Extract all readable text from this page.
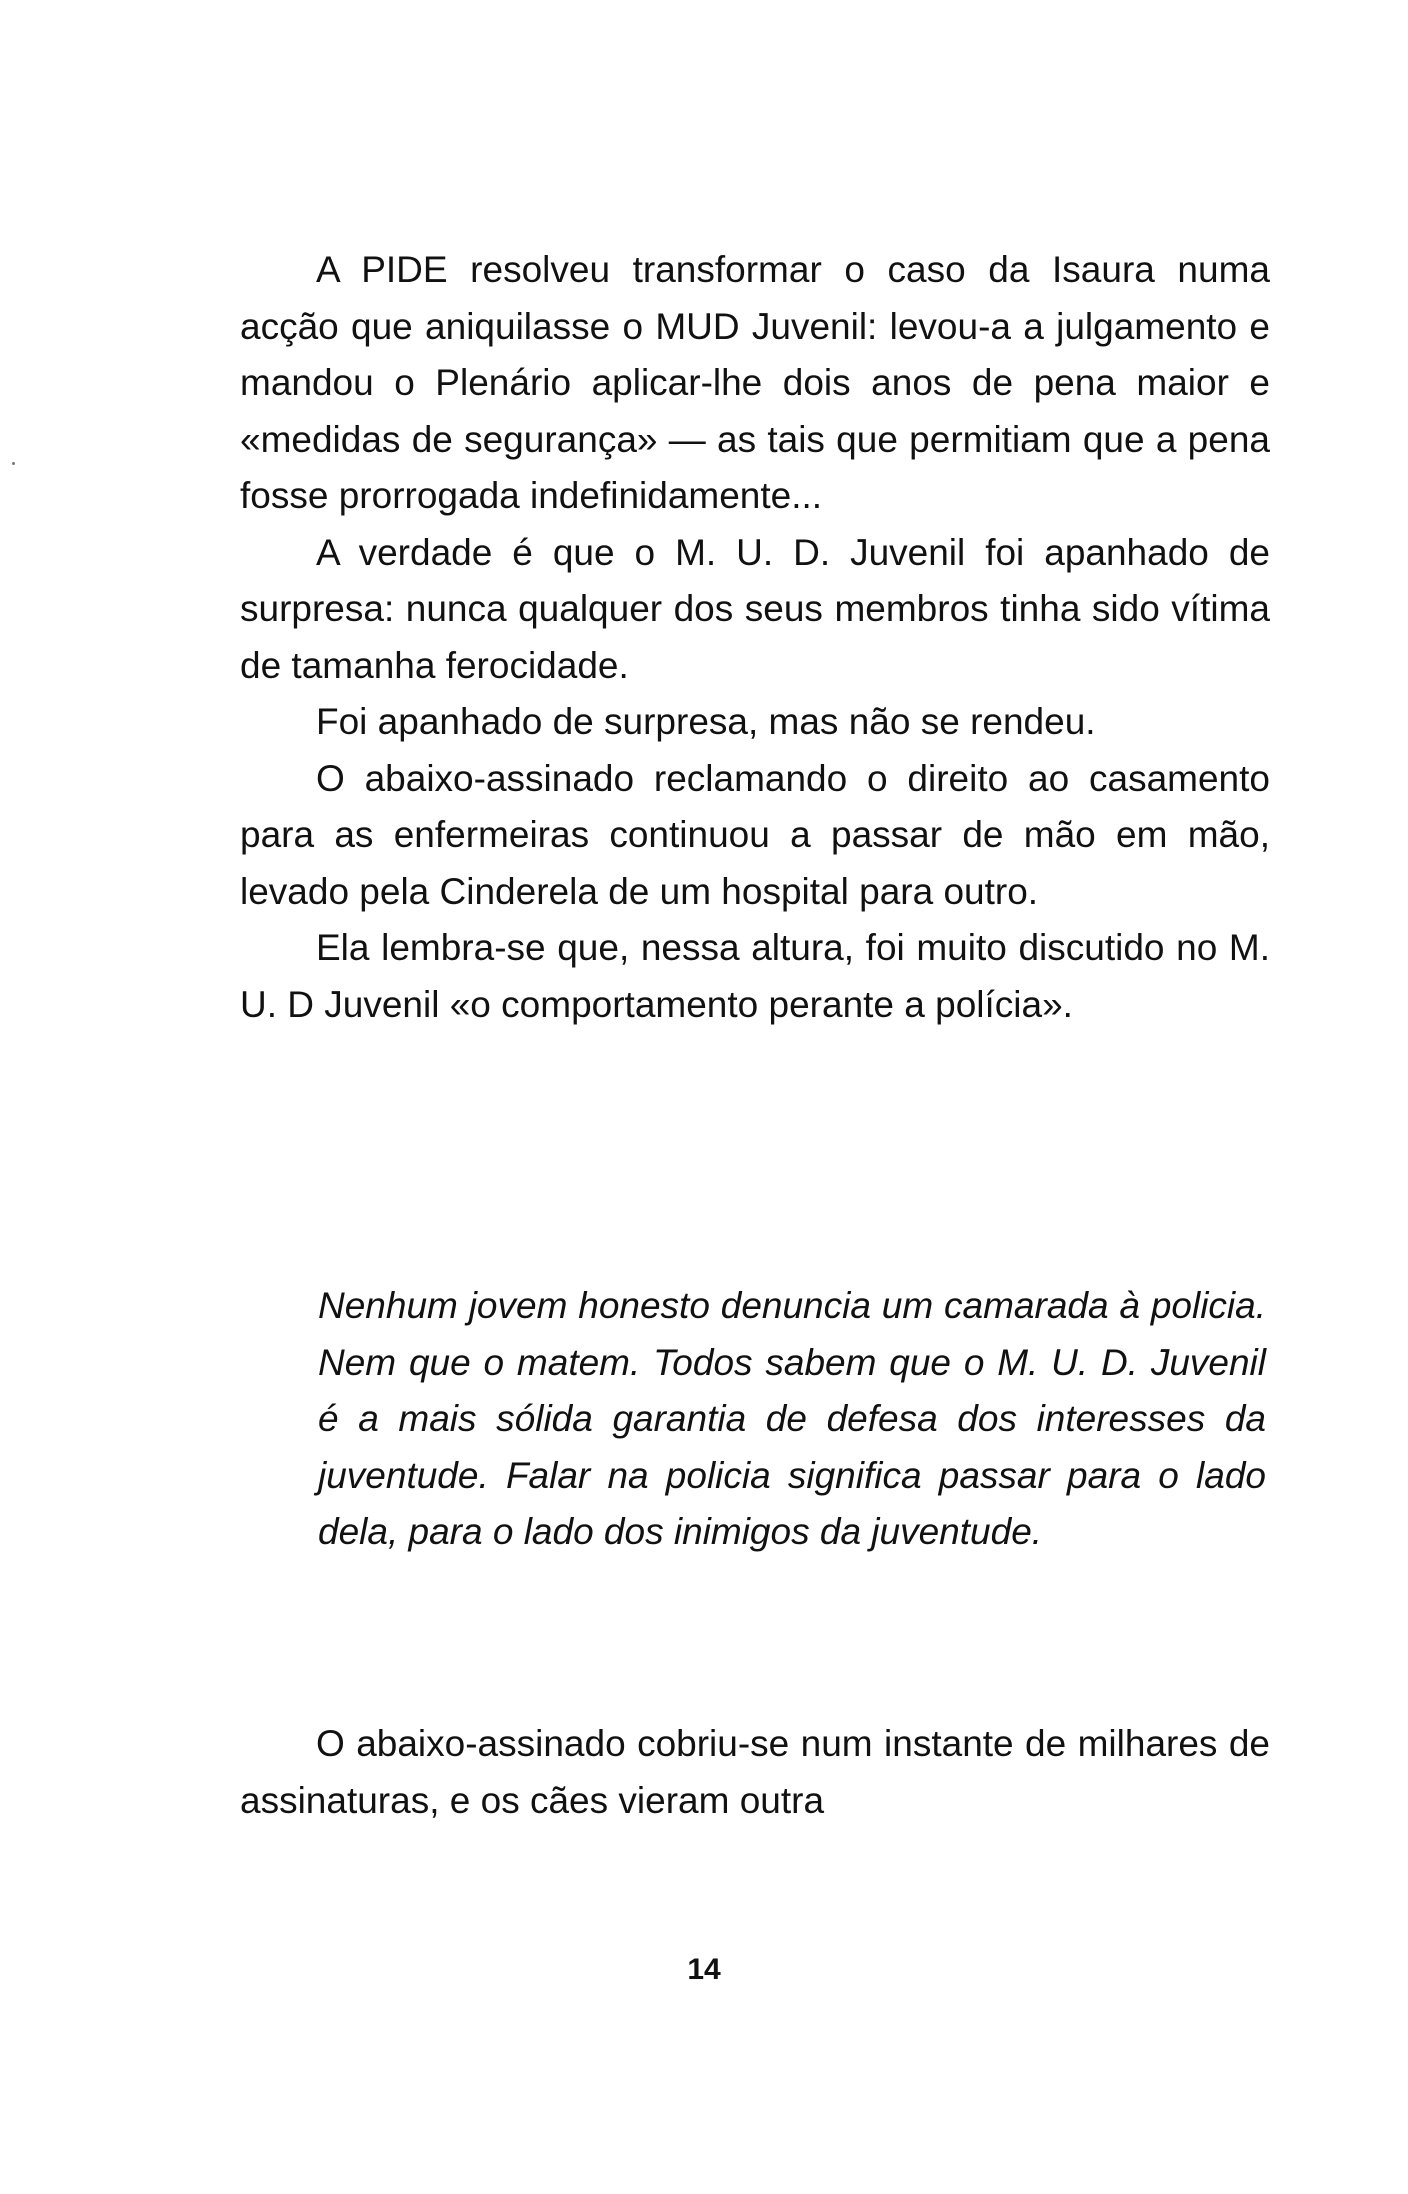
A PIDE resolveu transformar o caso da Isaura numa acção que aniquilasse o MUD Juvenil: levou-a a julgamento e mandou o Plenário aplicar-lhe dois anos de pena maior e «medidas de segurança» — as tais que permitiam que a pena fosse prorrogada indefinidamente...

A verdade é que o M. U. D. Juvenil foi apanhado de surpresa: nunca qualquer dos seus membros tinha sido vítima de tamanha ferocidade.

Foi apanhado de surpresa, mas não se rendeu.

O abaixo-assinado reclamando o direito ao casamento para as enfermeiras continuou a passar de mão em mão, levado pela Cinderela de um hospital para outro.

Ela lembra-se que, nessa altura, foi muito discutido no M. U. D Juvenil «o comportamento perante a polícia».

Nenhum jovem honesto denuncia um camarada à policia. Nem que o matem. Todos sabem que o M. U. D. Juvenil é a mais sólida garantia de defesa dos interesses da juventude. Falar na policia significa passar para o lado dela, para o lado dos inimigos da juventude.

O abaixo-assinado cobriu-se num instante de milhares de assinaturas, e os cães vieram outra

14
